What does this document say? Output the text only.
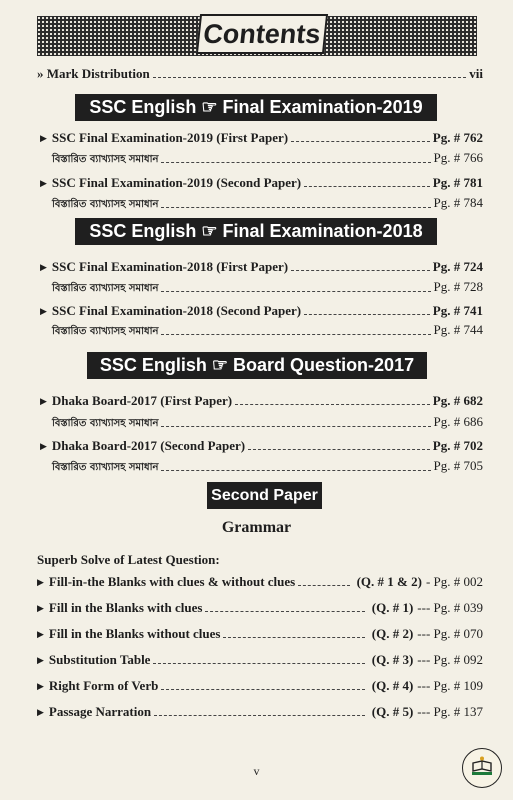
Contents
» Mark Distribution	vii
SSC English ☞ Final Examination-2019
▶ SSC Final Examination-2019 (First Paper)	Pg. # 762
বিস্তারিত ব্যাখ্যাসহ সমাধান	Pg. # 766
▶ SSC Final Examination-2019 (Second Paper)	Pg. # 781
বিস্তারিত ব্যাখ্যাসহ সমাধান	Pg. # 784
SSC English ☞ Final Examination-2018
▶ SSC Final Examination-2018 (First Paper)	Pg. # 724
বিস্তারিত ব্যাখ্যাসহ সমাধান	Pg. # 728
▶ SSC Final Examination-2018 (Second Paper)	Pg. # 741
বিস্তারিত ব্যাখ্যাসহ সমাধান	Pg. # 744
SSC English ☞ Board Question-2017
▶ Dhaka Board-2017 (First Paper)	Pg. # 682
বিস্তারিত ব্যাখ্যাসহ সমাধান	Pg. # 686
▶ Dhaka Board-2017 (Second Paper)	Pg. # 702
বিস্তারিত ব্যাখ্যাসহ সমাধান	Pg. # 705
Second Paper
Grammar
Superb Solve of Latest Question:
▶ Fill-in-the Blanks with clues & without clues	(Q. # 1 & 2) - Pg. # 002
▶ Fill in the Blanks with clues	(Q. # 1) --- Pg. # 039
▶ Fill in the Blanks without clues	(Q. # 2) --- Pg. # 070
▶ Substitution Table	(Q. # 3) --- Pg. # 092
▶ Right Form of Verb	(Q. # 4) --- Pg. # 109
▶ Passage Narration	(Q. # 5) --- Pg. # 137
v
